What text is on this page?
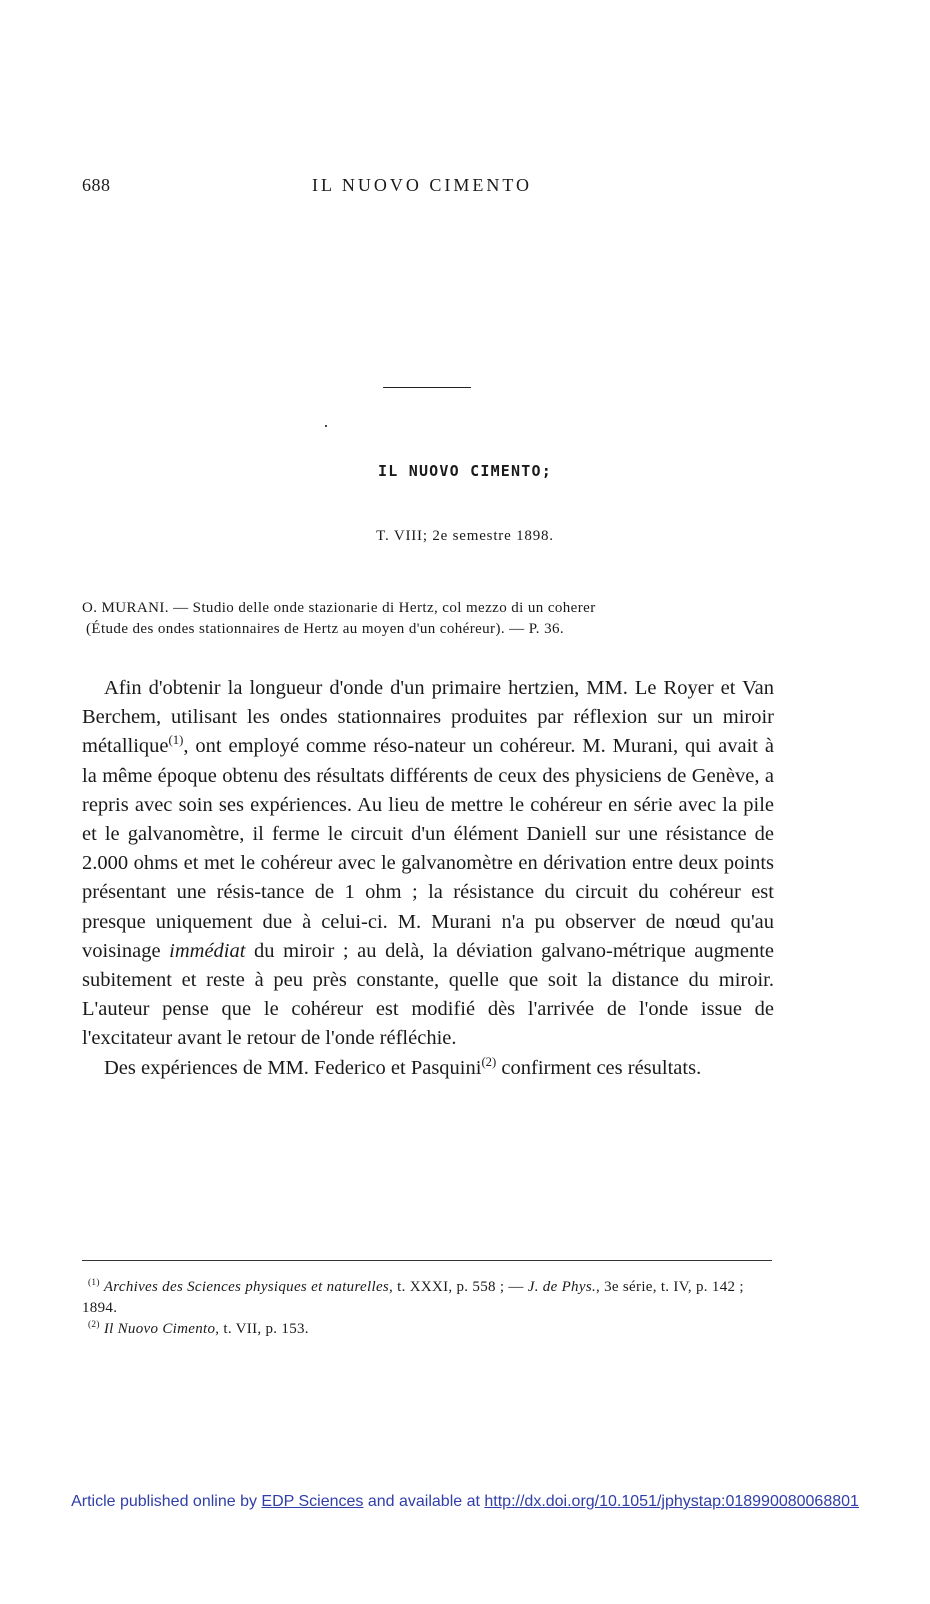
688	IL NUOVO CIMENTO
IL NUOVO CIMENTO;
T. VIII; 2e semestre 1898.
O. MURANI. — Studio delle onde stazionarie di Hertz, col mezzo di un coherer
(Étude des ondes stationnaires de Hertz au moyen d'un cohéreur). — P. 36.

Afin d'obtenir la longueur d'onde d'un primaire hertzien, MM. Le Royer et Van Berchem, utilisant les ondes stationnaires produites par réflexion sur un miroir métallique$^{(1)}$, ont employé comme réso-nateur un cohéreur. M. Murani, qui avait à la même époque obtenu des résultats différents de ceux des physiciens de Genève, a repris avec soin ses expériences. Au lieu de mettre le cohéreur en série avec la pile et le galvanomètre, il ferme le circuit d'un élément Daniell sur une résistance de 2.000 ohms et met le cohéreur avec le galvanomètre en dérivation entre deux points présentant une résis-tance de 1 ohm ; la résistance du circuit du cohéreur est presque uniquement due à celui-ci. M. Murani n'a pu observer de nœud qu'au voisinage immédiat du miroir ; au delà, la déviation galvano-métrique augmente subitement et reste à peu près constante, quelle que soit la distance du miroir. L'auteur pense que le cohéreur est modifié dès l'arrivée de l'onde issue de l'excitateur avant le retour de l'onde réfléchie.

Des expériences de MM. Federico et Pasquini$^{(2)}$ confirment ces résultats.

$^{(1)}$ Archives des Sciences physiques et naturelles, t. XXXI, p. 558 ; — J. de Phys., 3e série, t. IV, p. 142 ; 1894.

$^{(2)}$ Il Nuovo Cimento, t. VII, p. 153.

Article published online by EDP Sciences and available at http://dx.doi.org/10.1051/jphystap:018990080068801
